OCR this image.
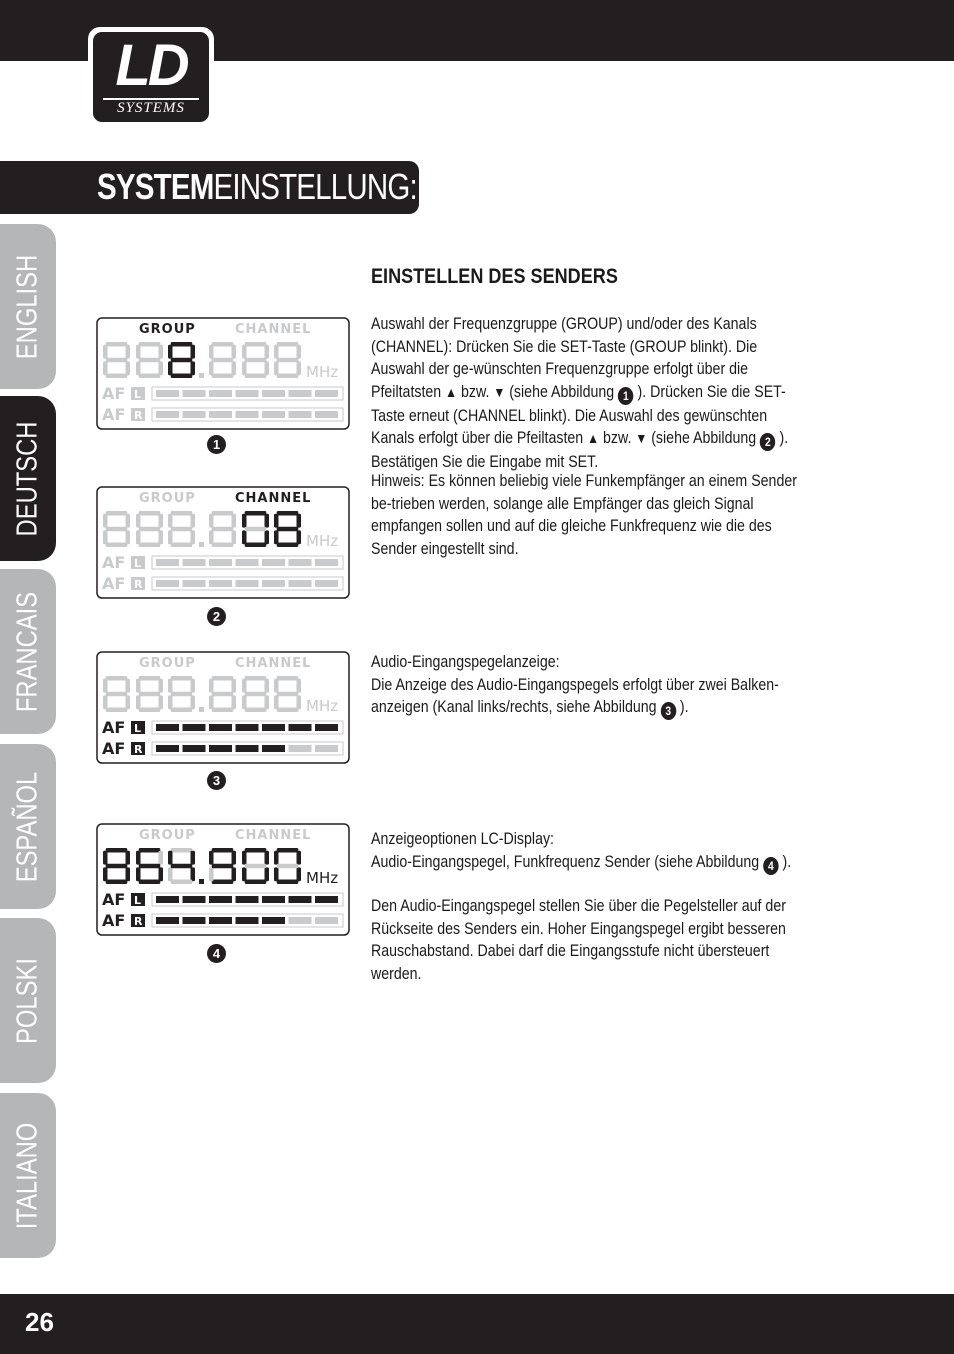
LD
SYSTEMS
SYSTEMEINSTELLUNG:
ENGLISH
DEUTSCH
FRANCAIS
ESPAÑOL
POLSKI
ITALIANO
GROUP	CHANNEL
MHz
AF L
AF R
1
GROUP	CHANNEL
MHz
AF L
AF R
2
GROUP	CHANNEL
MHz
AF L
AF R
3
GROUP	CHANNEL
MHz
AF L
AF R
4
EINSTELLEN DES SENDERS

Auswahl der Frequenzgruppe (GROUP) und/oder des Kanals (CHANNEL): Drücken Sie die SET-Taste (GROUP blinkt). Die Auswahl der ge-wünschten Frequenzgruppe erfolgt über die Pfeiltatsten ▲ bzw. ▼ (siehe Abbildung 1 ). Drücken Sie die SET-Taste erneut (CHANNEL blinkt). Die Auswahl des gewünschten Kanals erfolgt über die Pfeiltasten ▲ bzw. ▼ (siehe Abbildung 2 ). Bestätigen Sie die Eingabe mit SET.

Hinweis: Es können beliebig viele Funkempfänger an einem Sender be-trieben werden, solange alle Empfänger das gleich Signal empfangen sollen und auf die gleiche Funkfrequenz wie die des Sender eingestellt sind.

Audio-Eingangspegelanzeige:

Die Anzeige des Audio-Eingangspegels erfolgt über zwei Balken-anzeigen (Kanal links/rechts, siehe Abbildung 3 ).

Anzeigeoptionen LC-Display:

Audio-Eingangspegel, Funkfrequenz Sender (siehe Abbildung 4 ).

Den Audio-Eingangspegel stellen Sie über die Pegelsteller auf der Rückseite des Senders ein. Hoher Eingangspegel ergibt besseren Rauschabstand. Dabei darf die Eingangsstufe nicht übersteuert werden.

26
